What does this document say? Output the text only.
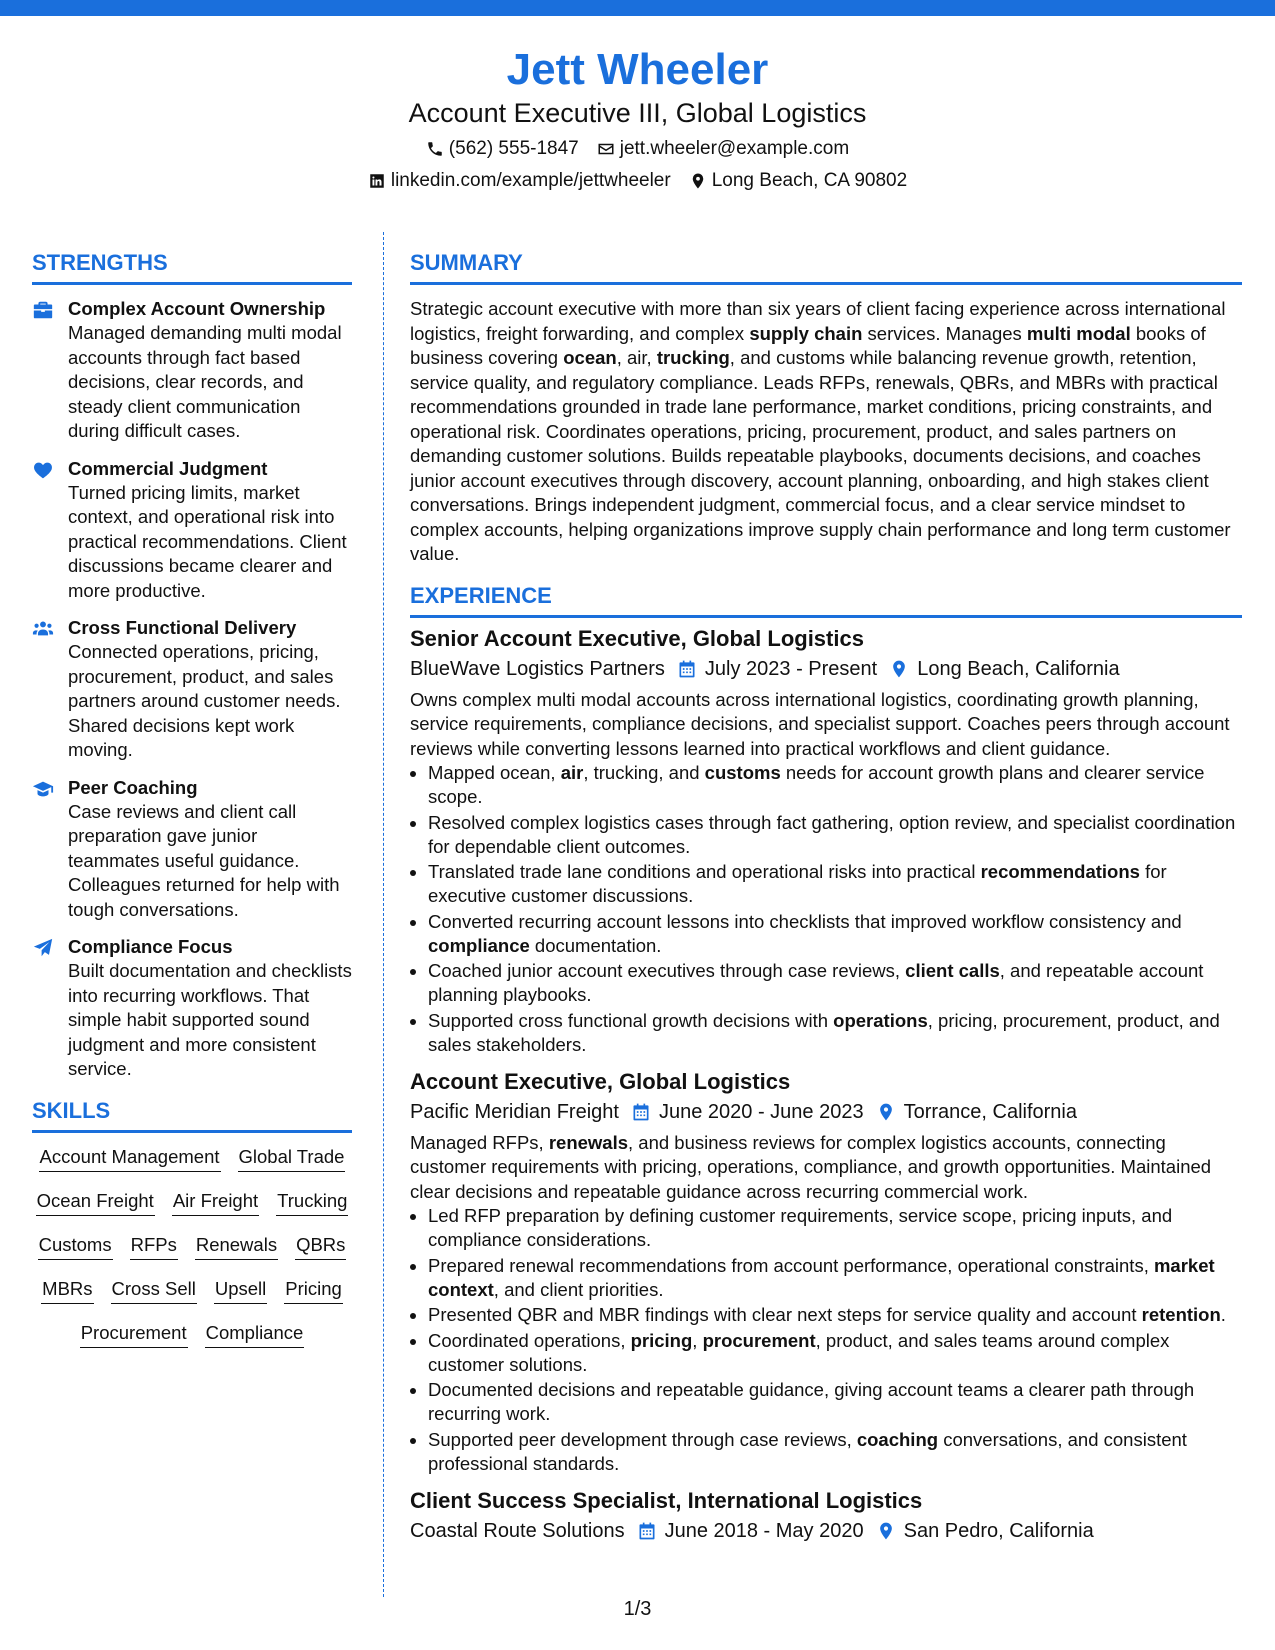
Jett Wheeler
Account Executive III, Global Logistics
(562) 555-1847 jett.wheeler@example.com
linkedin.com/example/jettwheeler Long Beach, CA 90802
STRENGTHS
Complex Account Ownership
Managed demanding multi modal accounts through fact based decisions, clear records, and steady client communication during difficult cases.
Commercial Judgment
Turned pricing limits, market context, and operational risk into practical recommendations. Client discussions became clearer and more productive.
Cross Functional Delivery
Connected operations, pricing, procurement, product, and sales partners around customer needs. Shared decisions kept work moving.
Peer Coaching
Case reviews and client call preparation gave junior teammates useful guidance. Colleagues returned for help with tough conversations.
Compliance Focus
Built documentation and checklists into recurring workflows. That simple habit supported sound judgment and more consistent service.
SKILLS
Account Management Global Trade
Ocean Freight Air Freight Trucking
Customs RFPs Renewals QBRs
MBRs Cross Sell Upsell Pricing
Procurement Compliance
SUMMARY
Strategic account executive with more than six years of client facing experience across international logistics, freight forwarding, and complex supply chain services. Manages multi modal books of business covering ocean, air, trucking, and customs while balancing revenue growth, retention, service quality, and regulatory compliance. Leads RFPs, renewals, QBRs, and MBRs with practical recommendations grounded in trade lane performance, market conditions, pricing constraints, and operational risk. Coordinates operations, pricing, procurement, product, and sales partners on demanding customer solutions. Builds repeatable playbooks, documents decisions, and coaches junior account executives through discovery, account planning, onboarding, and high stakes client conversations. Brings independent judgment, commercial focus, and a clear service mindset to complex accounts, helping organizations improve supply chain performance and long term customer value.
EXPERIENCE
Senior Account Executive, Global Logistics
BlueWave Logistics Partners July 2023 - Present Long Beach, California
Owns complex multi modal accounts across international logistics, coordinating growth planning, service requirements, compliance decisions, and specialist support. Coaches peers through account reviews while converting lessons learned into practical workflows and client guidance.
• Mapped ocean, air, trucking, and customs needs for account growth plans and clearer service scope.
• Resolved complex logistics cases through fact gathering, option review, and specialist coordination for dependable client outcomes.
• Translated trade lane conditions and operational risks into practical recommendations for executive customer discussions.
• Converted recurring account lessons into checklists that improved workflow consistency and compliance documentation.
• Coached junior account executives through case reviews, client calls, and repeatable account planning playbooks.
• Supported cross functional growth decisions with operations, pricing, procurement, product, and sales stakeholders.
Account Executive, Global Logistics
Pacific Meridian Freight June 2020 - June 2023 Torrance, California
Managed RFPs, renewals, and business reviews for complex logistics accounts, connecting customer requirements with pricing, operations, compliance, and growth opportunities. Maintained clear decisions and repeatable guidance across recurring commercial work.
• Led RFP preparation by defining customer requirements, service scope, pricing inputs, and compliance considerations.
• Prepared renewal recommendations from account performance, operational constraints, market context, and client priorities.
• Presented QBR and MBR findings with clear next steps for service quality and account retention.
• Coordinated operations, pricing, procurement, product, and sales teams around complex customer solutions.
• Documented decisions and repeatable guidance, giving account teams a clearer path through recurring work.
• Supported peer development through case reviews, coaching conversations, and consistent professional standards.
Client Success Specialist, International Logistics
Coastal Route Solutions June 2018 - May 2020 San Pedro, California
1/3
